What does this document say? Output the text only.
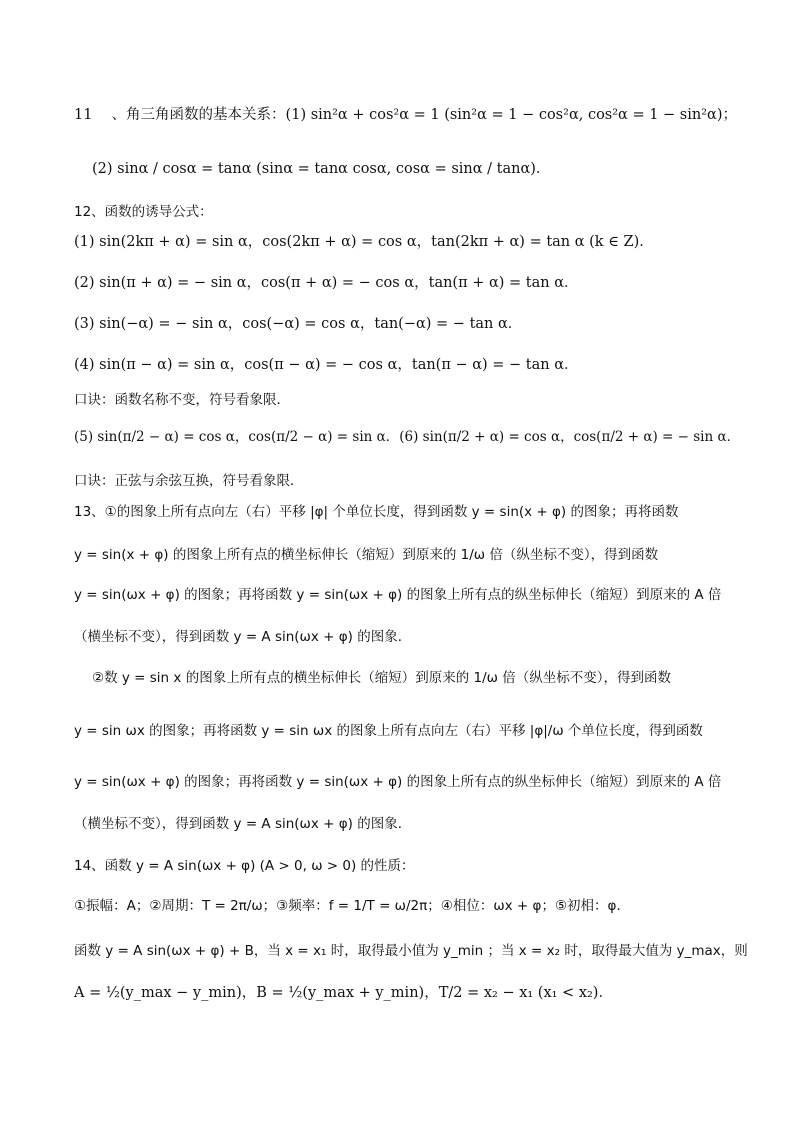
11　 、角三角函数的基本关系：(1) sin²α + cos²α = 1 (sin²α = 1 − cos²α, cos²α = 1 − sin²α)；
(2) sinα / cosα = tanα (sinα = tanα cosα, cosα = sinα / tanα)．
12、函数的诱导公式：
(1) sin(2kπ + α) = sin α，cos(2kπ + α) = cos α，tan(2kπ + α) = tan α (k ∈ Z)．
(2) sin(π + α) = − sin α，cos(π + α) = − cos α，tan(π + α) = tan α．
(3) sin(−α) = − sin α，cos(−α) = cos α，tan(−α) = − tan α．
(4) sin(π − α) = sin α，cos(π − α) = − cos α，tan(π − α) = − tan α．
口诀：函数名称不变，符号看象限．
(5) sin(π/2 − α) = cos α，cos(π/2 − α) = sin α．(6) sin(π/2 + α) = cos α，cos(π/2 + α) = − sin α．
口诀：正弦与余弦互换，符号看象限．
13、①的图象上所有点向左（右）平移 |φ| 个单位长度，得到函数 y = sin(x + φ) 的图象；再将函数
y = sin(x + φ) 的图象上所有点的横坐标伸长（缩短）到原来的 1/ω 倍（纵坐标不变），得到函数
y = sin(ωx + φ) 的图象；再将函数 y = sin(ωx + φ) 的图象上所有点的纵坐标伸长（缩短）到原来的 A 倍
（横坐标不变），得到函数 y = A sin(ωx + φ) 的图象．
②数 y = sin x 的图象上所有点的横坐标伸长（缩短）到原来的 1/ω 倍（纵坐标不变），得到函数
y = sin ωx 的图象；再将函数 y = sin ωx 的图象上所有点向左（右）平移 |φ|/ω 个单位长度，得到函数
y = sin(ωx + φ) 的图象；再将函数 y = sin(ωx + φ) 的图象上所有点的纵坐标伸长（缩短）到原来的 A 倍
（横坐标不变），得到函数 y = A sin(ωx + φ) 的图象．
14、函数 y = A sin(ωx + φ) (A > 0, ω > 0) 的性质：
①振幅：A；②周期：T = 2π/ω；③频率：f = 1/T = ω/2π；④相位：ωx + φ；⑤初相：φ．
函数 y = A sin(ωx + φ) + B，当 x = x₁ 时，取得最小值为 y_min ；当 x = x₂ 时，取得最大值为 y_max，则
A = ½(y_max − y_min)，B = ½(y_max + y_min)，T/2 = x₂ − x₁ (x₁ < x₂)．
